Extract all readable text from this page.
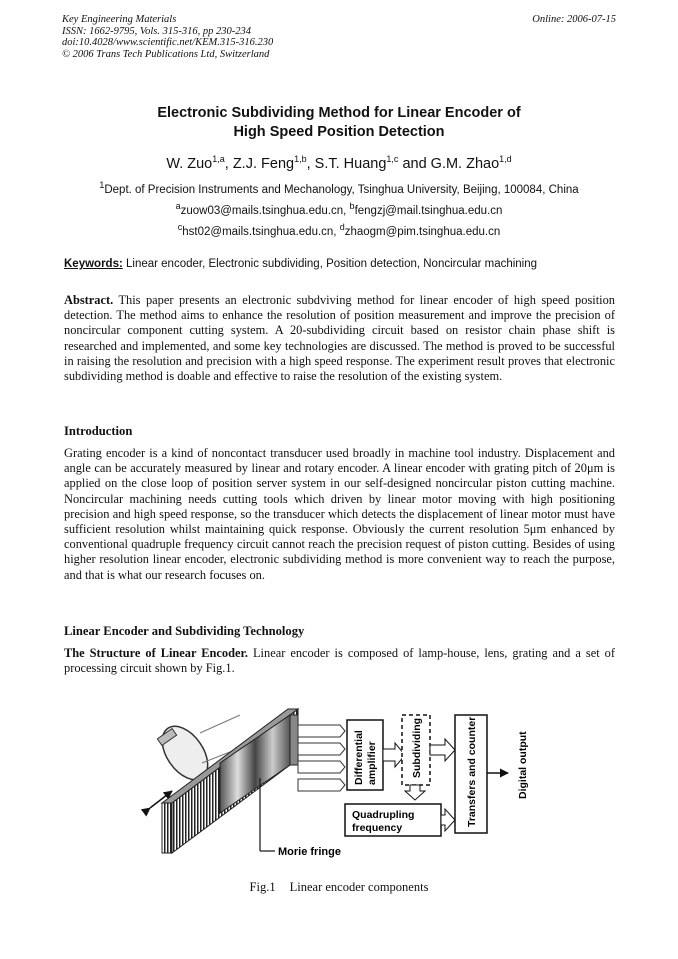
Key Engineering Materials
ISSN: 1662-9795, Vols. 315-316, pp 230-234
doi:10.4028/www.scientific.net/KEM.315-316.230
© 2006 Trans Tech Publications Ltd, Switzerland
Online: 2006-07-15
Electronic Subdividing Method for Linear Encoder of
High Speed Position Detection
W. Zuo$^{1,a}$, Z.J. Feng$^{1,b}$, S.T. Huang$^{1,c}$ and G.M. Zhao$^{1,d}$
$^1$Dept. of Precision Instruments and Mechanology, Tsinghua University, Beijing, 100084, China
$^a$zuow03@mails.tsinghua.edu.cn, $^b$fengzj@mail.tsinghua.edu.cn
$^c$hst02@mails.tsinghua.edu.cn, $^d$zhaogm@pim.tsinghua.edu.cn
Keywords: Linear encoder, Electronic subdividing, Position detection, Noncircular machining
Abstract. This paper presents an electronic subdviving method for linear encoder of high speed position detection. The method aims to enhance the resolution of position measurement and improve the precision of noncircular component cutting system. A 20-subdividing circuit based on resistor chain phase shift is researched and implemented, and some key technologies are discussed. The method is proved to be successful in raising the resolution and precision with a high speed response. The experiment result proves that electronic subdividing method is doable and effective to raise the resolution of the existing system.
Introduction
Grating encoder is a kind of noncontact transducer used broadly in machine tool industry. Displacement and angle can be accurately measured by linear and rotary encoder. A linear encoder with grating pitch of 20μm is applied on the close loop of position server system in our self-designed noncircular piston cutting machine. Noncircular machining needs cutting tools which driven by linear motor moving with high positioning precision and high speed response, so the transducer which detects the displacement of linear motor must have sufficient resolution whilst maintaining quick response. Obviously the current resolution 5μm enhanced by conventional quadruple frequency circuit cannot reach the precision request of piston cutting. Besides of using higher resolution linear encoder, electronic subdividing method is more convenient way to reach the purpose, and that is what our research focuses on.
Linear Encoder and Subdividing Technology
The Structure of Linear Encoder. Linear encoder is composed of lamp-house, lens, grating and a set of processing circuit shown by Fig.1.
Morie fringe
Differential amplifier	Subdividing
Quadrupling
frequency
Transfers and counter	Digital output
Fig.1 Linear encoder components
